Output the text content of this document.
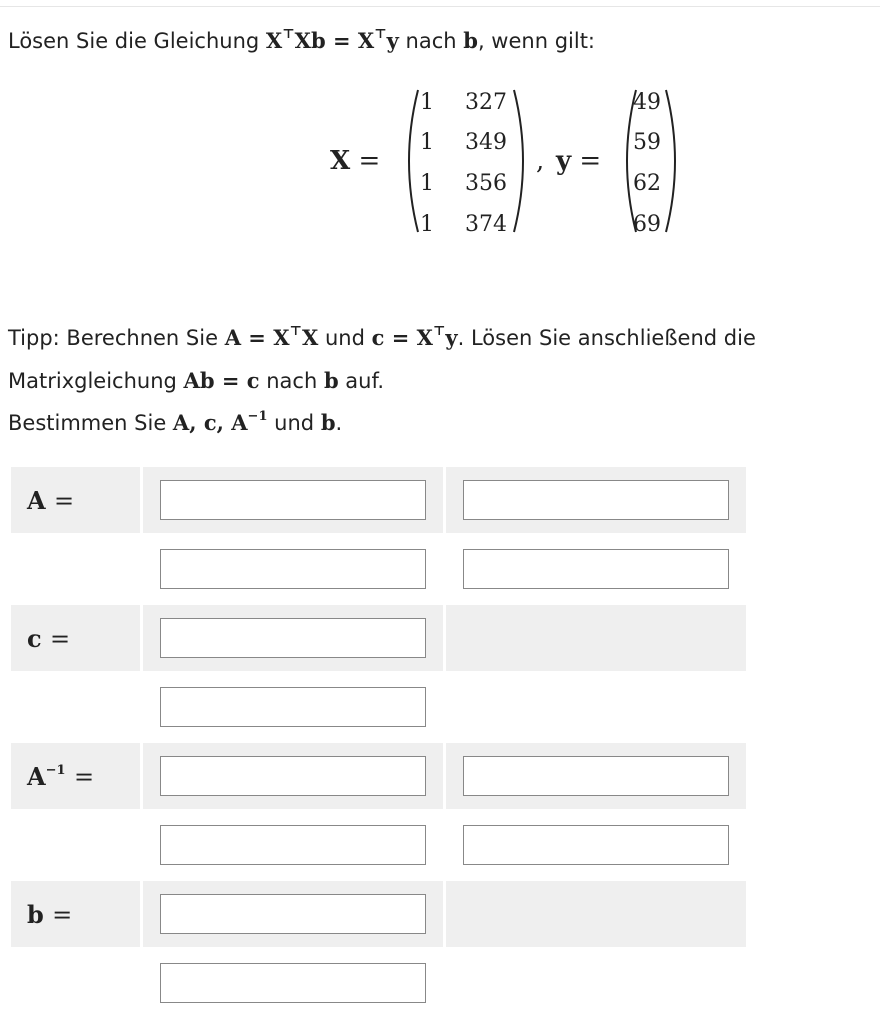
Lösen Sie die Gleichung X⊤Xb = X⊤y nach b, wenn gilt:
X =
1	327
1	349
1	356
1	374
, y =
49
59
62
69
Tipp: Berechnen Sie A = X⊤X und c = X⊤y. Lösen Sie anschließend die
Matrixgleichung Ab = c nach b auf.
Bestimmen Sie A, c, $A^{-1}$ und b.
A =	

c =	

$A^{-1}$ =	

b =	
